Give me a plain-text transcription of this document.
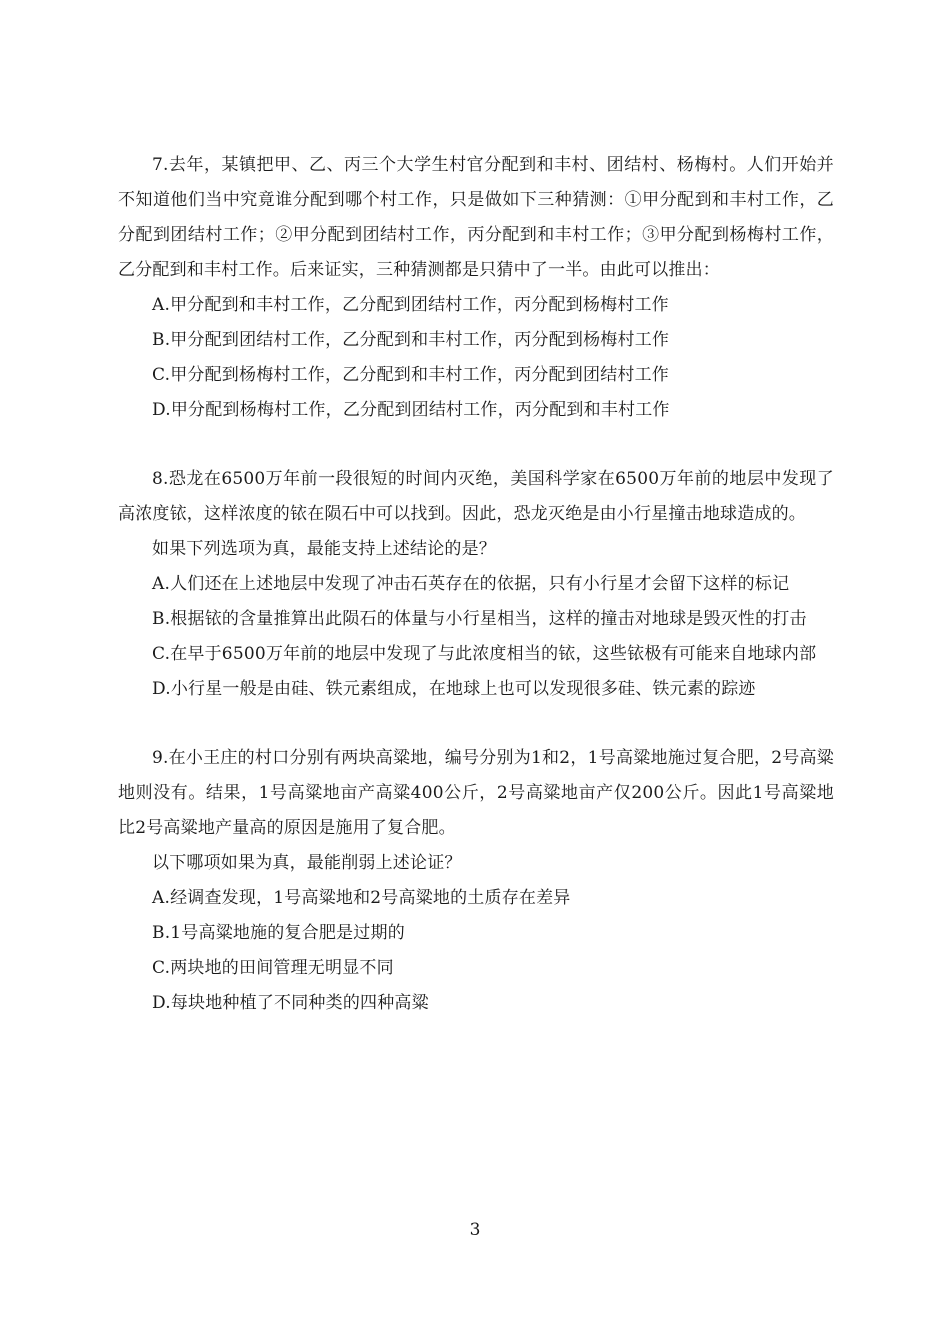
7.去年，某镇把甲、乙、丙三个大学生村官分配到和丰村、团结村、杨梅村。人们开始并不知道他们当中究竟谁分配到哪个村工作，只是做如下三种猜测：①甲分配到和丰村工作，乙分配到团结村工作；②甲分配到团结村工作，丙分配到和丰村工作；③甲分配到杨梅村工作，乙分配到和丰村工作。后来证实，三种猜测都是只猜中了一半。由此可以推出：

A.甲分配到和丰村工作，乙分配到团结村工作，丙分配到杨梅村工作

B.甲分配到团结村工作，乙分配到和丰村工作，丙分配到杨梅村工作

C.甲分配到杨梅村工作，乙分配到和丰村工作，丙分配到团结村工作

D.甲分配到杨梅村工作，乙分配到团结村工作，丙分配到和丰村工作

8.恐龙在6500万年前一段很短的时间内灭绝，美国科学家在6500万年前的地层中发现了高浓度铱，这样浓度的铱在陨石中可以找到。因此，恐龙灭绝是由小行星撞击地球造成的。

如果下列选项为真，最能支持上述结论的是？

A.人们还在上述地层中发现了冲击石英存在的依据，只有小行星才会留下这样的标记

B.根据铱的含量推算出此陨石的体量与小行星相当，这样的撞击对地球是毁灭性的打击

C.在早于6500万年前的地层中发现了与此浓度相当的铱，这些铱极有可能来自地球内部

D.小行星一般是由硅、铁元素组成，在地球上也可以发现很多硅、铁元素的踪迹

9.在小王庄的村口分别有两块高粱地，编号分别为1和2，1号高粱地施过复合肥，2号高粱地则没有。结果，1号高粱地亩产高粱400公斤，2号高粱地亩产仅200公斤。因此1号高粱地比2号高粱地产量高的原因是施用了复合肥。

以下哪项如果为真，最能削弱上述论证？

A.经调查发现，1号高粱地和2号高粱地的土质存在差异

B.1号高粱地施的复合肥是过期的

C.两块地的田间管理无明显不同

D.每块地种植了不同种类的四种高粱

3
